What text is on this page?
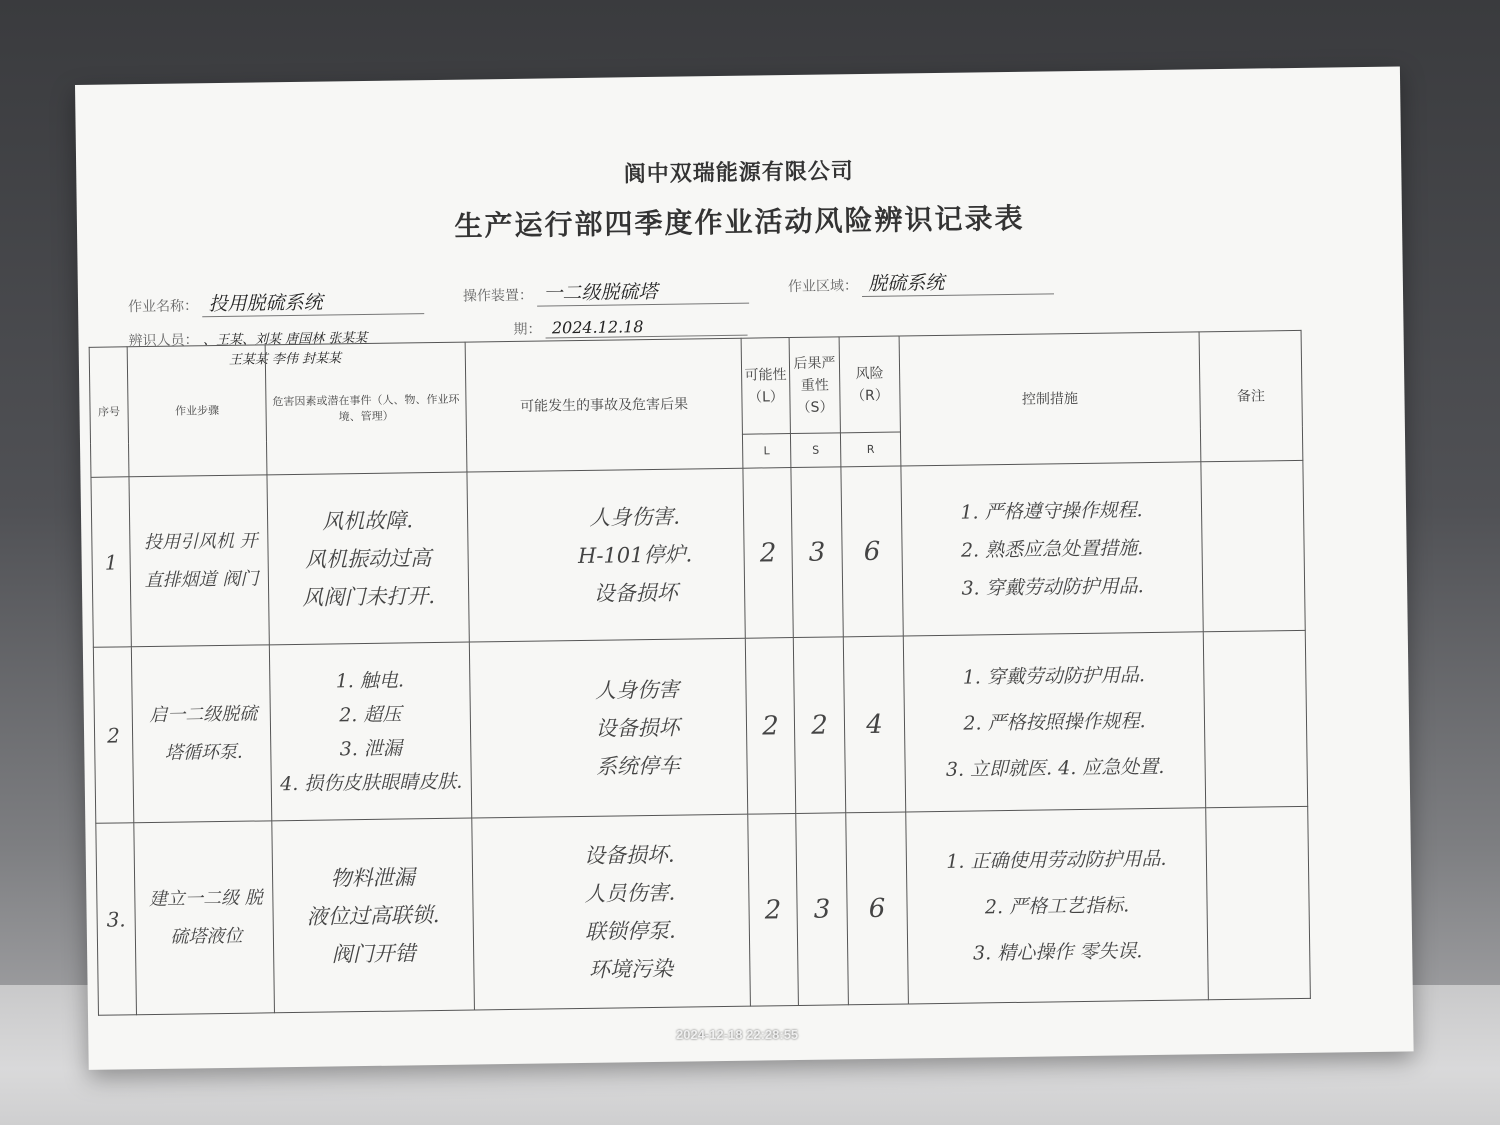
阆中双瑞能源有限公司
生产运行部四季度作业活动风险辨识记录表
作业名称： 投用脱硫系统	操作装置： 一二级脱硫塔	作业区域： 脱硫系统
辨识人员： 、王某、刘某 唐国林 张某某
王某某 李伟 封某某
期： 2024.12.18
序号	作业步骤	危害因素或潜在事件（人、物、作业环境、管理）	可能发生的事故及危害后果	可能性（L）	后果严重性（S）	风险（R）	控制措施	备注
				L	S	R		
1	投用引风机 开直排烟道 阀门	风机故障.
风机振动过高
风阀门未打开.	人身伤害.
H-101停炉.
设备损坏	2	3	6	1. 严格遵守操作规程.
2. 熟悉应急处置措施.
3. 穿戴劳动防护用品.	

2	启一二级脱硫 塔循环泵.	1. 触电.
2. 超压
3. 泄漏
4. 损伤皮肤眼睛皮肤.	人身伤害
设备损坏
系统停车	2	2	4	1. 穿戴劳动防护用品.
2. 严格按照操作规程.
3. 立即就医. 4. 应急处置.	

3.	建立一二级 脱硫塔液位	物料泄漏
液位过高联锁.
阀门开错	设备损坏.
人员伤害.
联锁停泵.
环境污染	2	3	6	1. 正确使用劳动防护用品.
2. 严格工艺指标.
3. 精心操作 零失误.	

2024-12-18 22:28:55
